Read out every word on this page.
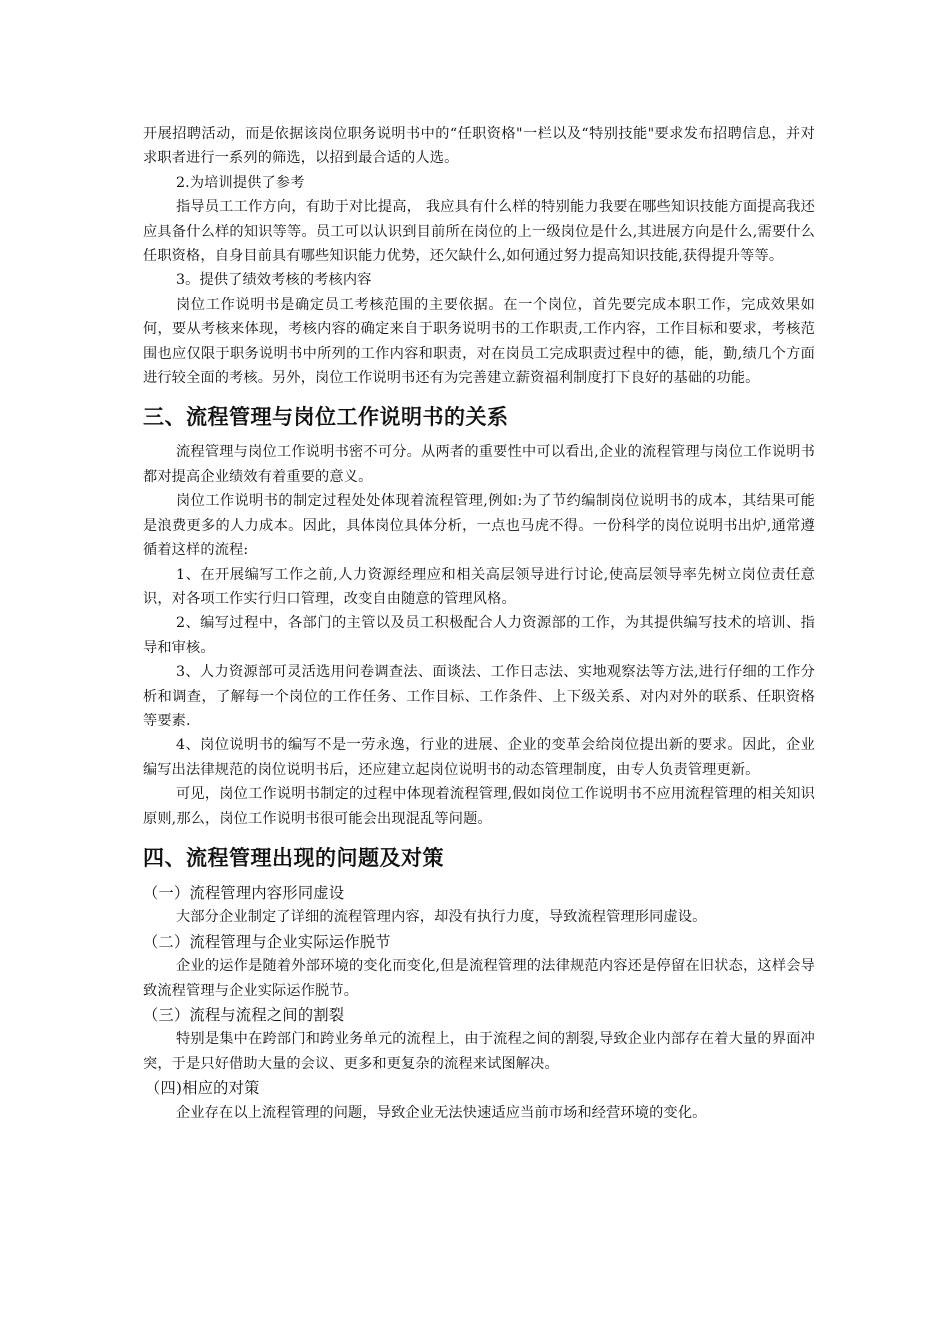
开展招聘活动，而是依据该岗位职务说明书中的“任职资格"一栏以及“特别技能"要求发布招聘信息，并对求职者进行一系列的筛选，以招到最合适的人选。

2.为培训提供了参考

指导员工工作方向，有助于对比提高， 我应具有什么样的特别能力我要在哪些知识技能方面提高我还应具备什么样的知识等等。员工可以认识到目前所在岗位的上一级岗位是什么,其进展方向是什么,需要什么任职资格，自身目前具有哪些知识能力优势，还欠缺什么,如何通过努力提高知识技能,获得提升等等。

3。提供了绩效考核的考核内容

岗位工作说明书是确定员工考核范围的主要依据。在一个岗位，首先要完成本职工作，完成效果如何，要从考核来体现，考核内容的确定来自于职务说明书的工作职责,工作内容，工作目标和要求，考核范围也应仅限于职务说明书中所列的工作内容和职责，对在岗员工完成职责过程中的德，能，勤,绩几个方面进行较全面的考核。另外，岗位工作说明书还有为完善建立薪资福利制度打下良好的基础的功能。

三、流程管理与岗位工作说明书的关系

流程管理与岗位工作说明书密不可分。从两者的重要性中可以看出,企业的流程管理与岗位工作说明书都对提高企业绩效有着重要的意义。

岗位工作说明书的制定过程处处体现着流程管理,例如:为了节约编制岗位说明书的成本，其结果可能是浪费更多的人力成本。因此，具体岗位具体分析，一点也马虎不得。一份科学的岗位说明书出炉,通常遵循着这样的流程:

1、在开展编写工作之前,人力资源经理应和相关高层领导进行讨论,使高层领导率先树立岗位责任意识，对各项工作实行归口管理，改变自由随意的管理风格。

2、编写过程中，各部门的主管以及员工积极配合人力资源部的工作，为其提供编写技术的培训、指导和审核。

3、人力资源部可灵活选用问卷调查法、面谈法、工作日志法、实地观察法等方法,进行仔细的工作分析和调查，了解每一个岗位的工作任务、工作目标、工作条件、上下级关系、对内对外的联系、任职资格等要素.

4、岗位说明书的编写不是一劳永逸，行业的进展、企业的变革会给岗位提出新的要求。因此，企业编写出法律规范的岗位说明书后，还应建立起岗位说明书的动态管理制度，由专人负责管理更新。

可见，岗位工作说明书制定的过程中体现着流程管理,假如岗位工作说明书不应用流程管理的相关知识原则,那么，岗位工作说明书很可能会出现混乱等问题。

四、流程管理出现的问题及对策

（一）流程管理内容形同虚设

大部分企业制定了详细的流程管理内容，却没有执行力度，导致流程管理形同虚设。

（二）流程管理与企业实际运作脱节

企业的运作是随着外部环境的变化而变化,但是流程管理的法律规范内容还是停留在旧状态，这样会导致流程管理与企业实际运作脱节。

（三）流程与流程之间的割裂

特别是集中在跨部门和跨业务单元的流程上，由于流程之间的割裂,导致企业内部存在着大量的界面冲突，于是只好借助大量的会议、更多和更复杂的流程来试图解决。

（四)相应的对策

企业存在以上流程管理的问题，导致企业无法快速适应当前市场和经营环境的变化。
